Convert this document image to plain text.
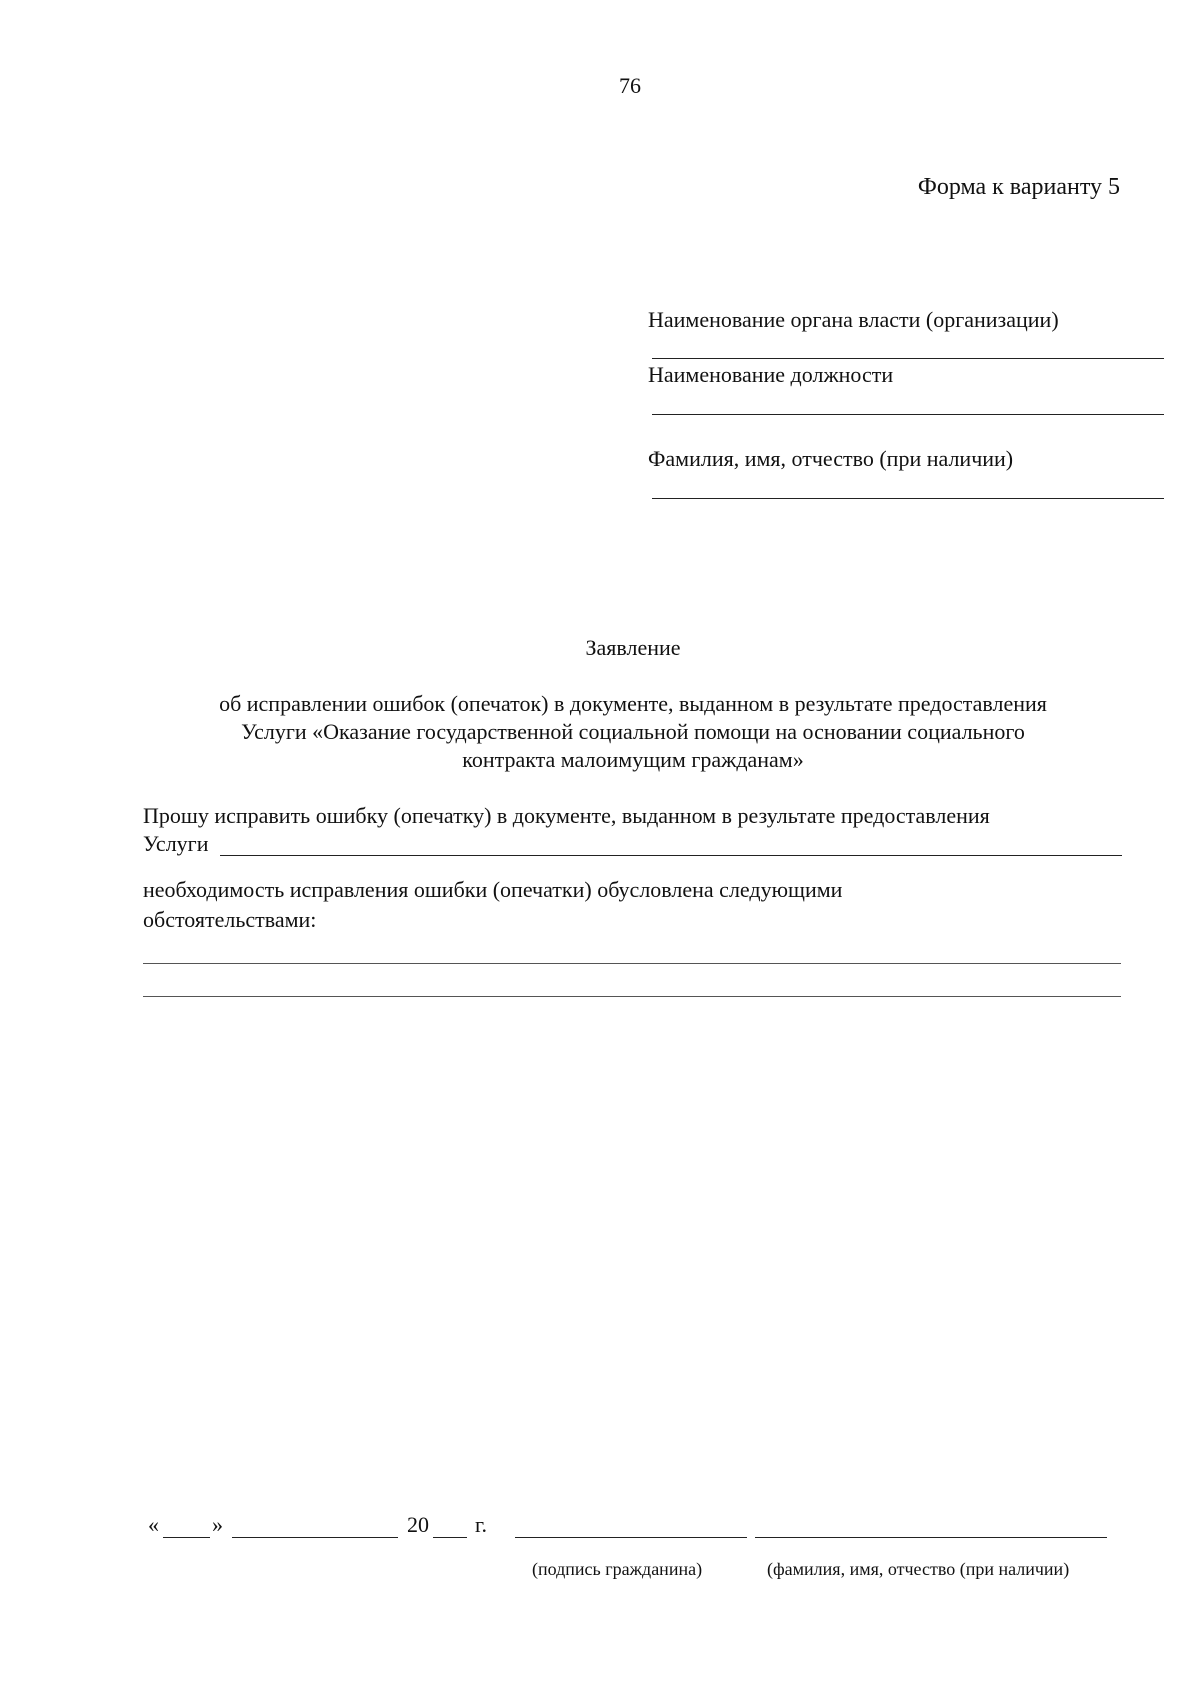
76
Форма к варианту 5
Наименование органа власти (организации)
Наименование должности
Фамилия, имя, отчество (при наличии)
Заявление
об исправлении ошибок (опечаток) в документе, выданном в результате предоставления
Услуги «Оказание государственной социальной помощи на основании социального
контракта малоимущим гражданам»
Прошу исправить ошибку (опечатку) в документе, выданном в результате предоставления
Услуги
необходимость исправления ошибки (опечатки) обусловлена следующими
обстоятельствами:
« »	20 г.
(подпись гражданина)	(фамилия, имя, отчество (при наличии)
